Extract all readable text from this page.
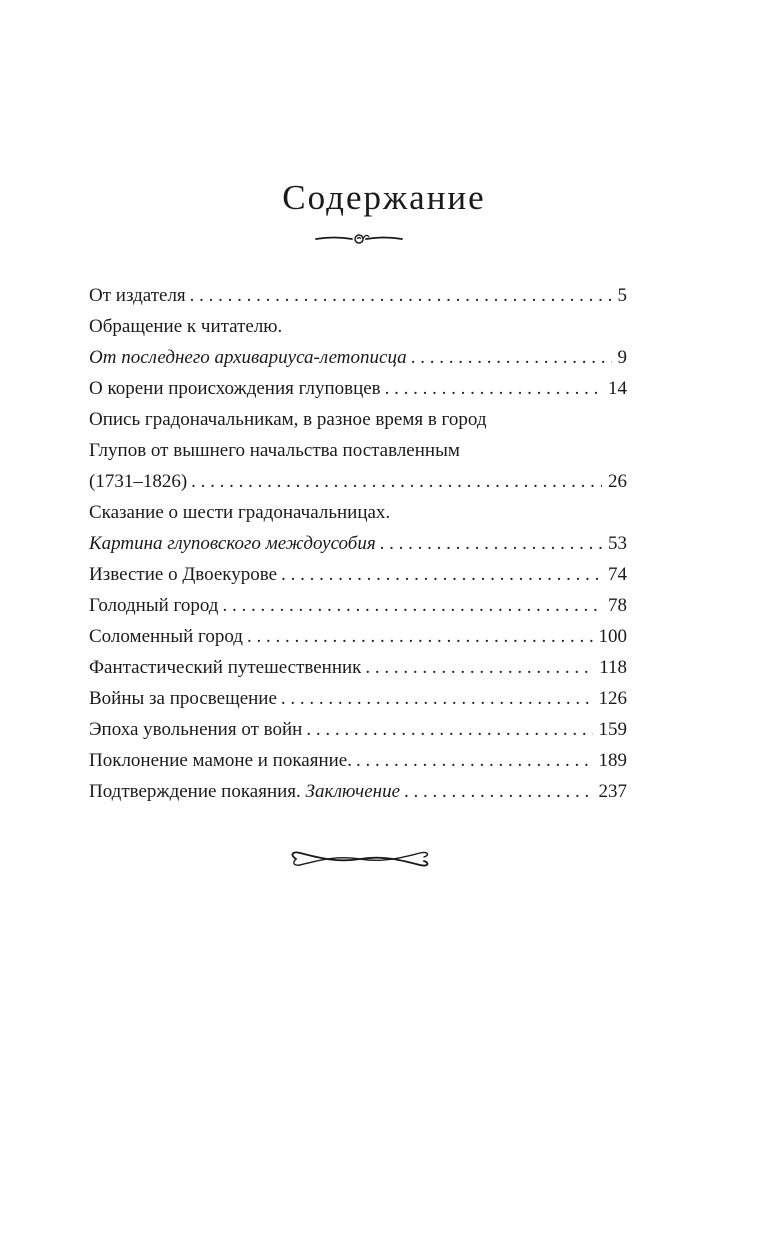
Содержание
От издателя . . .	5
Обращение к читателю.
От последнего архивариуса-летописца . . .	9
О корени происхождения глуповцев . . .	14
Опись градоначальникам, в разное время в город
Глупов от вышнего начальства поставленным
(1731–1826) . . .	26
Сказание о шести градоначальницах.
Картина глуповского междоусобия . . .	53
Известие о Двоекурове . . .	74
Голодный город . . .	78
Соломенный город . . .	100
Фантастический путешественник . . .	118
Войны за просвещение . . .	126
Эпоха увольнения от войн . . .	159
Поклонение мамоне и покаяние. . . .	189
Подтверждение покаяния. Заключение . . .	237
